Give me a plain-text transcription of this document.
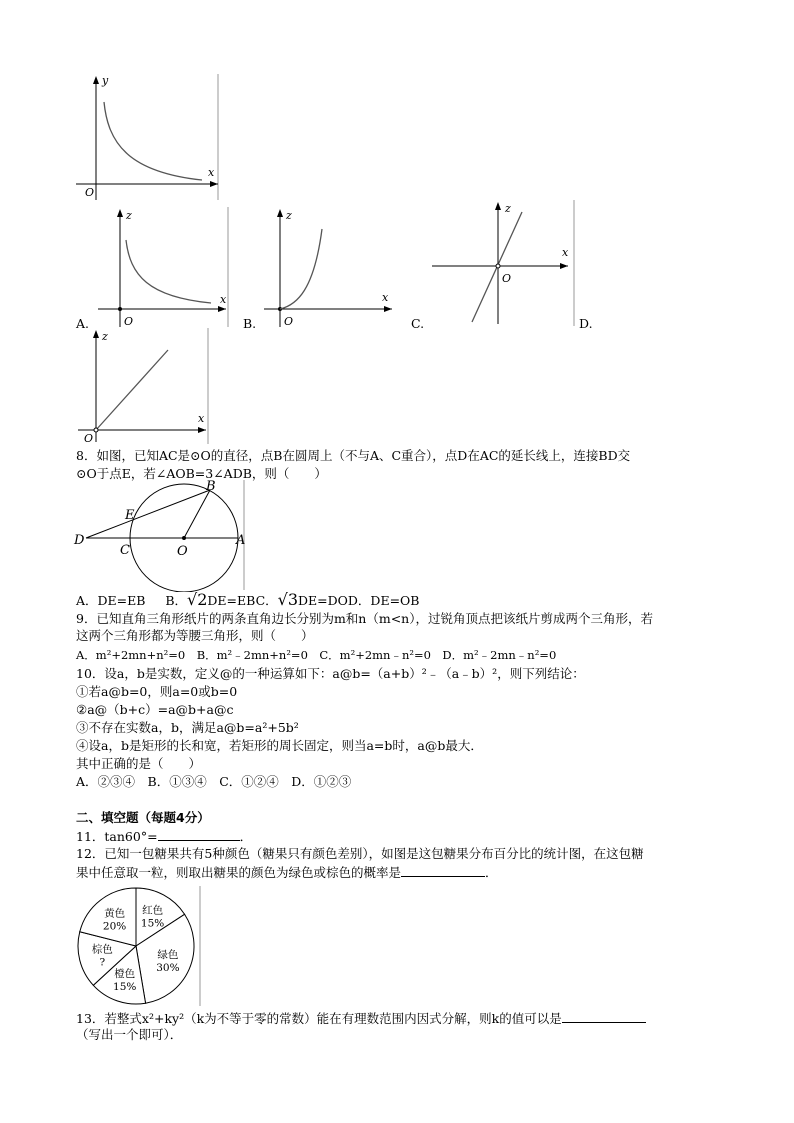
y
x
O
A.
z
x
O	B.
z
x
O	C.
z
x
O
D.
z
x
O
8．如图，已知AC是⊙O的直径，点B在圆周上（不与A、C重合），点D在AC的延长线上，连接BD交
⊙O于点E，若∠AOB=3∠ADB，则（　　）
B
E
D
C	O
A
A．DE=EB B．√2DE=EBC．√3DE=DOD．DE=OB
9．已知直角三角形纸片的两条直角边长分别为m和n（m<n），过锐角顶点把该纸片剪成两个三角形，若
这两个三角形都为等腰三角形，则（　　）
A．m²+2mn+n²=0　B．m²﹣2mn+n²=0　C．m²+2mn﹣n²=0　D．m²﹣2mn﹣n²=0
10．设a，b是实数，定义@的一种运算如下：a@b=（a+b）²﹣（a﹣b）²，则下列结论：
①若a@b=0，则a=0或b=0
②a@（b+c）=a@b+a@c
③不存在实数a，b，满足a@b=a²+5b²
④设a，b是矩形的长和宽，若矩形的周长固定，则当a=b时，a@b最大．
其中正确的是（　　）
A．②③④　B．①③④　C．①②④　D．①②③
二、填空题（每题4分）
11．tan60°=	．
12．已知一包糖果共有5种颜色（糖果只有颜色差别），如图是这包糖果分布百分比的统计图，在这包糖
果中任意取一粒，则取出糖果的颜色为绿色或棕色的概率是	．
红色
15%
绿色
30%
橙色
15%
棕色
?
黄色
20%
13．若整式x²+ky²（k为不等于零的常数）能在有理数范围内因式分解，则k的值可以是
（写出一个即可）．
